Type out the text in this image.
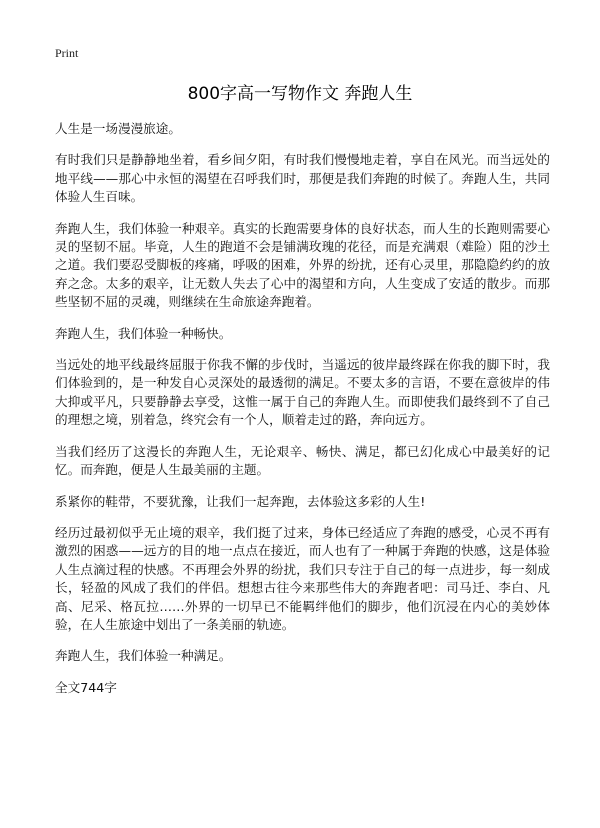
Print
800字高一写物作文 奔跑人生

人生是一场漫漫旅途。

有时我们只是静静地坐着，看乡间夕阳，有时我们慢慢地走着，享自在风光。而当远处的地平线——那心中永恒的渴望在召呼我们时，那便是我们奔跑的时候了。奔跑人生，共同体验人生百味。

奔跑人生，我们体验一种艰辛。真实的长跑需要身体的良好状态，而人生的长跑则需要心灵的坚韧不屈。毕竟，人生的跑道不会是铺满玫瑰的花径，而是充满艰（难险）阻的沙土之道。我们要忍受脚板的疼痛，呼吸的困难，外界的纷扰，还有心灵里，那隐隐约约的放弃之念。太多的艰辛，让无数人失去了心中的渴望和方向，人生变成了安适的散步。而那些坚韧不屈的灵魂，则继续在生命旅途奔跑着。

奔跑人生，我们体验一种畅快。

当远处的地平线最终屈服于你我不懈的步伐时，当遥远的彼岸最终踩在你我的脚下时，我们体验到的，是一种发自心灵深处的最透彻的满足。不要太多的言语，不要在意彼岸的伟大抑或平凡，只要静静去享受，这惟一属于自己的奔跑人生。而即使我们最终到不了自己的理想之境，别着急，终究会有一个人，顺着走过的路，奔向远方。

当我们经历了这漫长的奔跑人生，无论艰辛、畅快、满足，都已幻化成心中最美好的记忆。而奔跑，便是人生最美丽的主题。

系紧你的鞋带，不要犹豫，让我们一起奔跑，去体验这多彩的人生!

经历过最初似乎无止境的艰辛，我们挺了过来，身体已经适应了奔跑的感受，心灵不再有激烈的困惑——远方的目的地一点点在接近，而人也有了一种属于奔跑的快感，这是体验人生点滴过程的快感。不再理会外界的纷扰，我们只专注于自己的每一点进步，每一刻成长，轻盈的风成了我们的伴侣。想想古往今来那些伟大的奔跑者吧：司马迁、李白、凡高、尼采、格瓦拉……外界的一切早已不能羁绊他们的脚步，他们沉浸在内心的美妙体验，在人生旅途中划出了一条美丽的轨迹。

奔跑人生，我们体验一种满足。

全文744字
